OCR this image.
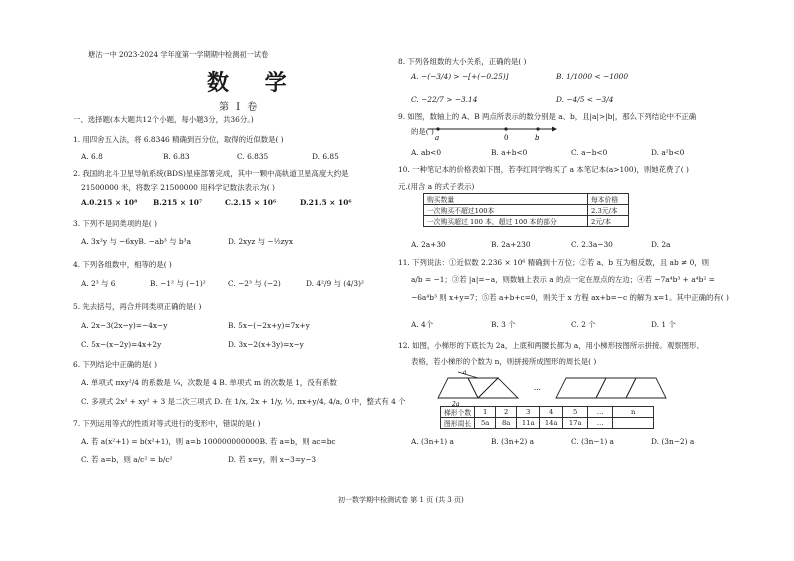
塘沽一中 2023-2024 学年度第一学期期中检测初一试卷
数 学
第 I 卷
一、选择题(本大题共12个小题，每小题3分，共36分。)
1. 用四舍五入法，将 6.8346 精确到百分位，取得的近似数是( )
A. 6.8	B. 6.83	C. 6.835	D. 6.85
2. 我国的北斗卫星导航系统(BDS)星座部署完成，其中一颗中高轨道卫星高度大约是
21500000 米，将数字 21500000 用科学记数法表示为( )
A.0.215 × 10⁸ B.215 × 10⁷	C.2.15 × 10⁶	D.21.5 × 10⁶
3. 下列不是同类项的是( )
A. 3x²y 与 −6xyB. −ab³ 与 b³a	D. 2xyz 与 −½zyx
4. 下列各组数中，相等的是( )
A. 2³ 与 6	B. −1² 与 (−1)²	C. −2³ 与 (−2)	D. 4²/9 与 (4/3)²
5. 先去括号，再合并同类项正确的是( )
A. 2x−3(2x−y)=−4x−y	B. 5x−(−2x+y)=7x+y
C. 5x−(x−2y)=4x+2y	D. 3x−2(x+3y)=x−y
6. 下列结论中正确的是( )
A. 单项式 πxy²/4 的系数是 ¼，次数是 4 B. 单项式 m 的次数是 1，没有系数
C. 多项式 2x² + xy² + 3 是二次三项式 D. 在 1/x, 2x + 1/y, ½, πx+y/4, 4/a, 0 中，整式有 4 个
7. 下列运用等式的性质对等式进行的变形中，错误的是( )
A. 若 a(x²+1) = b(x²+1)，则 a=b 100000000000B. 若 a=b，则 ac=bc
C. 若 a=b，则 a/c² = b/c²	D. 若 x=y，则 x−3=y−3
8. 下列各组数的大小关系，正确的是( )
A. −(−3/4) > −[+(−0.25)]	B. 1/1000 < −1000
C. −22/7 > −3.14	D. −4/5 < −3/4
9. 如图，数轴上的 A、B 两点所表示的数分别是 a、b，且|a|>|b|，那么下列结论中不正确
的是( )
a	0	b
A. ab<0	B. a+b<0	C. a−b<0	D. a²b<0
10. 一种笔记本的价格表如下图，若李红同学购买了 a 本笔记本(a>100)，则她花费了( )
元.(用含 a 的式子表示)
购买数量	每本价格
一次购买不超过100本	2.3元/本
一次购买超过 100 本，超过 100 本的部分	2元/本
A. 2a+30	B. 2a+230	C. 2.3a−30	D. 2a
11. 下列说法：①近似数 2.236 × 10⁶ 精确到十万位；②若 a、b 互为相反数，且 ab ≠ 0，则
a/b = −1；③若 |a|=−a，则数轴上表示 a 的点一定在原点的左边；④若 −7a⁴b³ + a⁴b² =
−6a⁴b³ 则 x+y=7；⑤若 a+b+c=0，则关于 x 方程 ax+b=−c 的解为 x=1。其中正确的有( )
A. 4个	B. 3 个	C. 2 个	D. 1 个
12. 如图，小梯形的下底长为 2a，上底和两腰长都为 a，用小梯形按图所示拼接。观察图形、
表格，若小梯形的个数为 n，则拼接所成图形的周长是( )
a
2a
…
梯形个数	1	2	3	4	5	…	n
图形周长	5a	8a	11a	14a	17a	…	
A. (3n+1) a	B. (3n+2) a	C. (3n−1) a	D. (3n−2) a
初一数学期中检测试卷 第 1 页 (共 3 页)
